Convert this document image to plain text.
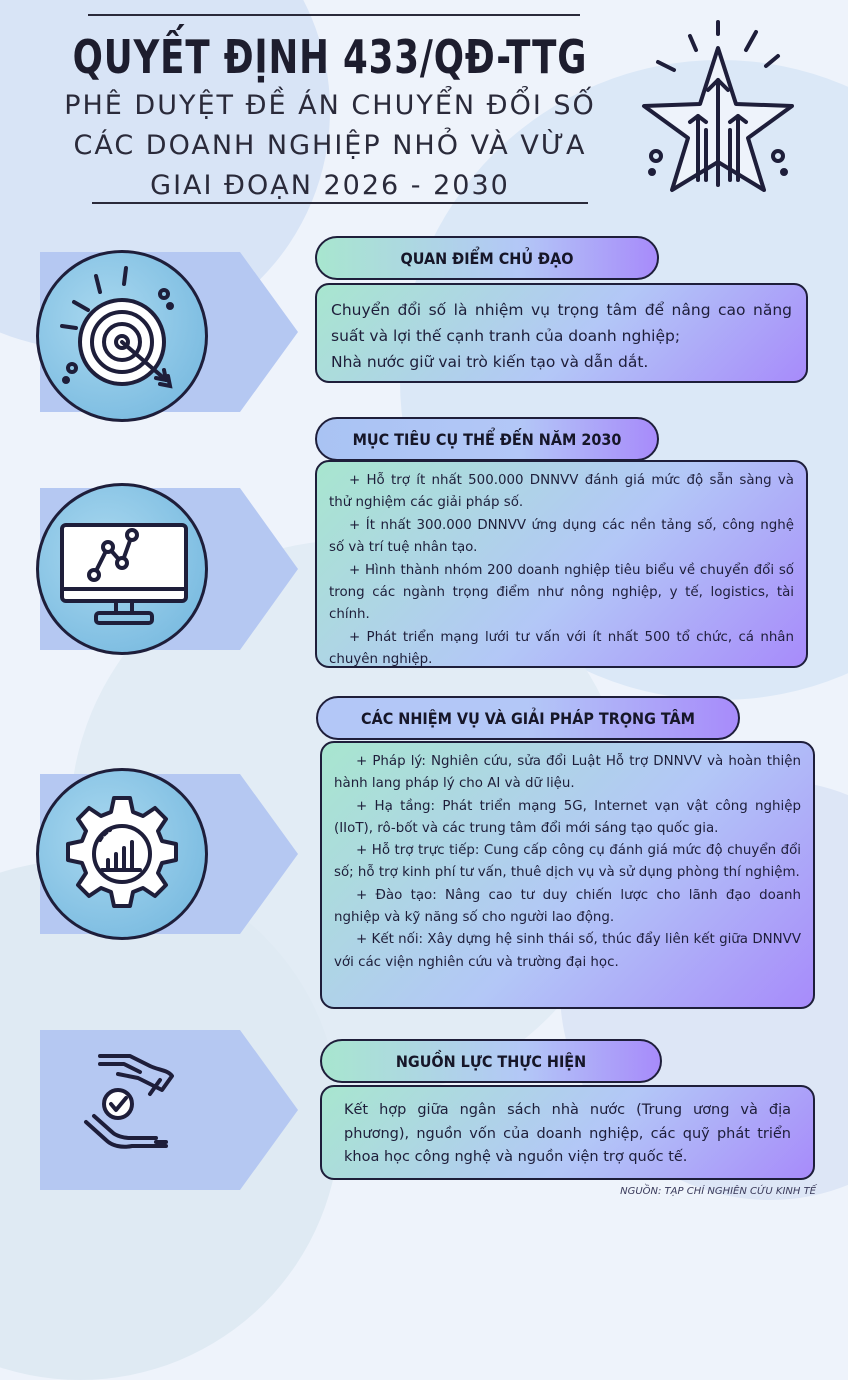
QUYẾT ĐỊNH 433/QĐ-TTG
PHÊ DUYỆT ĐỀ ÁN CHUYỂN ĐỔI SỐ
CÁC DOANH NGHIỆP NHỎ VÀ VỪA
GIAI ĐOẠN 2026 - 2030
QUAN ĐIỂM CHỦ ĐẠO

Chuyển đổi số là nhiệm vụ trọng tâm để nâng cao năng suất và lợi thế cạnh tranh của doanh nghiệp;

Nhà nước giữ vai trò kiến tạo và dẫn dắt.

MỤC TIÊU CỤ THỂ ĐẾN NĂM 2030

+ Hỗ trợ ít nhất 500.000 DNNVV đánh giá mức độ sẵn sàng và thử nghiệm các giải pháp số.

+ Ít nhất 300.000 DNNVV ứng dụng các nền tảng số, công nghệ số và trí tuệ nhân tạo.

+ Hình thành nhóm 200 doanh nghiệp tiêu biểu về chuyển đổi số trong các ngành trọng điểm như nông nghiệp, y tế, logistics, tài chính.

+ Phát triển mạng lưới tư vấn với ít nhất 500 tổ chức, cá nhân chuyên nghiệp.

CÁC NHIỆM VỤ VÀ GIẢI PHÁP TRỌNG TÂM

+ Pháp lý: Nghiên cứu, sửa đổi Luật Hỗ trợ DNNVV và hoàn thiện hành lang pháp lý cho AI và dữ liệu.

+ Hạ tầng: Phát triển mạng 5G, Internet vạn vật công nghiệp (IIoT), rô-bốt và các trung tâm đổi mới sáng tạo quốc gia.

+ Hỗ trợ trực tiếp: Cung cấp công cụ đánh giá mức độ chuyển đổi số; hỗ trợ kinh phí tư vấn, thuê dịch vụ và sử dụng phòng thí nghiệm.

+ Đào tạo: Nâng cao tư duy chiến lược cho lãnh đạo doanh nghiệp và kỹ năng số cho người lao động.

+ Kết nối: Xây dựng hệ sinh thái số, thúc đẩy liên kết giữa DNNVV với các viện nghiên cứu và trường đại học.

NGUỒN LỰC THỰC HIỆN

Kết hợp giữa ngân sách nhà nước (Trung ương và địa phương), nguồn vốn của doanh nghiệp, các quỹ phát triển khoa học công nghệ và nguồn viện trợ quốc tế.

NGUỒN: TẠP CHÍ NGHIÊN CỨU KINH TẾ
